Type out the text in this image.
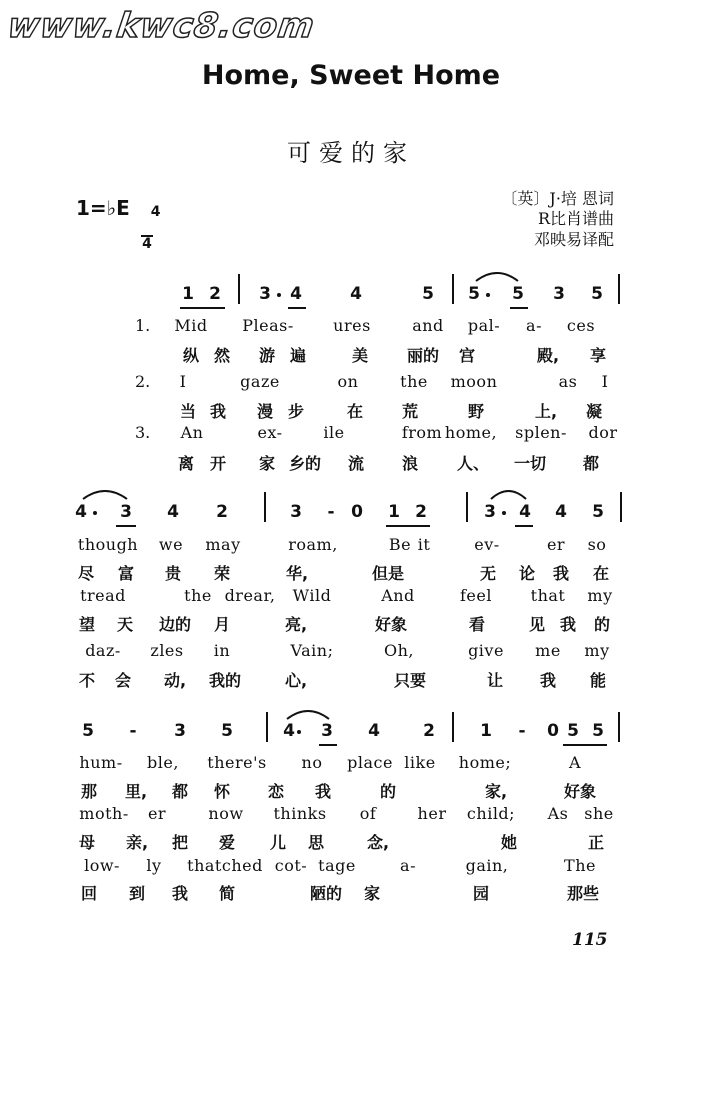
www.kwc8.com
Home, Sweet Home
可爱的家
1=♭E	4

4

〔英〕J·培 恩词
R比肖谱曲
邓映易译配
1 2 3 4	4	5 5 5 3 5
1.
2.
3.
Mid Pleas- ures	and pal- a- ces
纵 然 游 遍	美 丽的 宫	殿, 享
I	gaze	on	the moon	as I
当 我 漫 步	在 荒	野	上, 凝
An	ex-	ile	from home, splen- dor
离 开 家 乡的 流 浪 人、 一切 都
4 3 4 2	3 - 0 1 2	3 4 4 5
though we may	roam,	Be it	ev-	er so
尽 富 贵 荣	华,	但是	无 论 我 在
tread	the drear, Wild	And	feel that my
望 天 边的 月	亮,	好象	看	见 我 的
daz- zles in	Vain;	Oh,	give me my
不 会 动, 我的	心,	只要	让 我 能
5 - 3 5	4 3 4	2	1 - 0 5 5
hum- ble, there's no place like home;	A
那 里, 都 怀 恋 我	的	家,	好象
moth- er	now thinks of	her child; As she
母 亲, 把 爱 儿 思	念,	她	正
low- ly thatched cot- tage	a-	gain,	The
回 到 我 简	陋的 家	园	那些
115
